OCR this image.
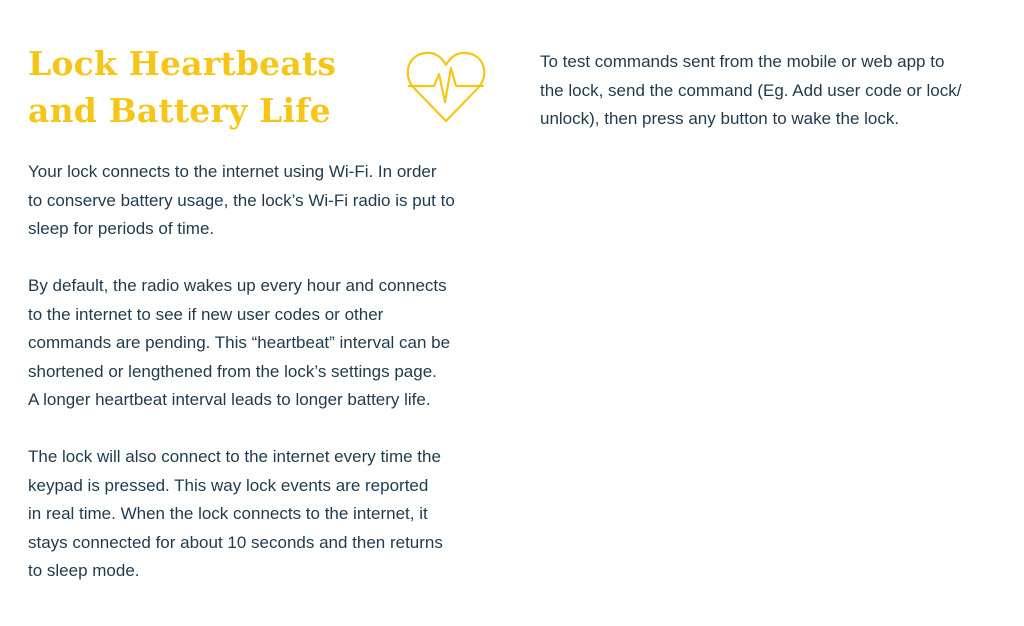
Lock Heartbeats
and Battery Life

Your lock connects to the internet using Wi-Fi. In order
to conserve battery usage, the lock’s Wi-Fi radio is put to
sleep for periods of time.

By default, the radio wakes up every hour and connects
to the internet to see if new user codes or other
commands are pending. This “heartbeat” interval can be
shortened or lengthened from the lock’s settings page.
A longer heartbeat interval leads to longer battery life.

The lock will also connect to the internet every time the
keypad is pressed. This way lock events are reported
in real time. When the lock connects to the internet, it
stays connected for about 10 seconds and then returns
to sleep mode.

To test commands sent from the mobile or web app to
the lock, send the command (Eg. Add user code or lock/
unlock), then press any button to wake the lock.
